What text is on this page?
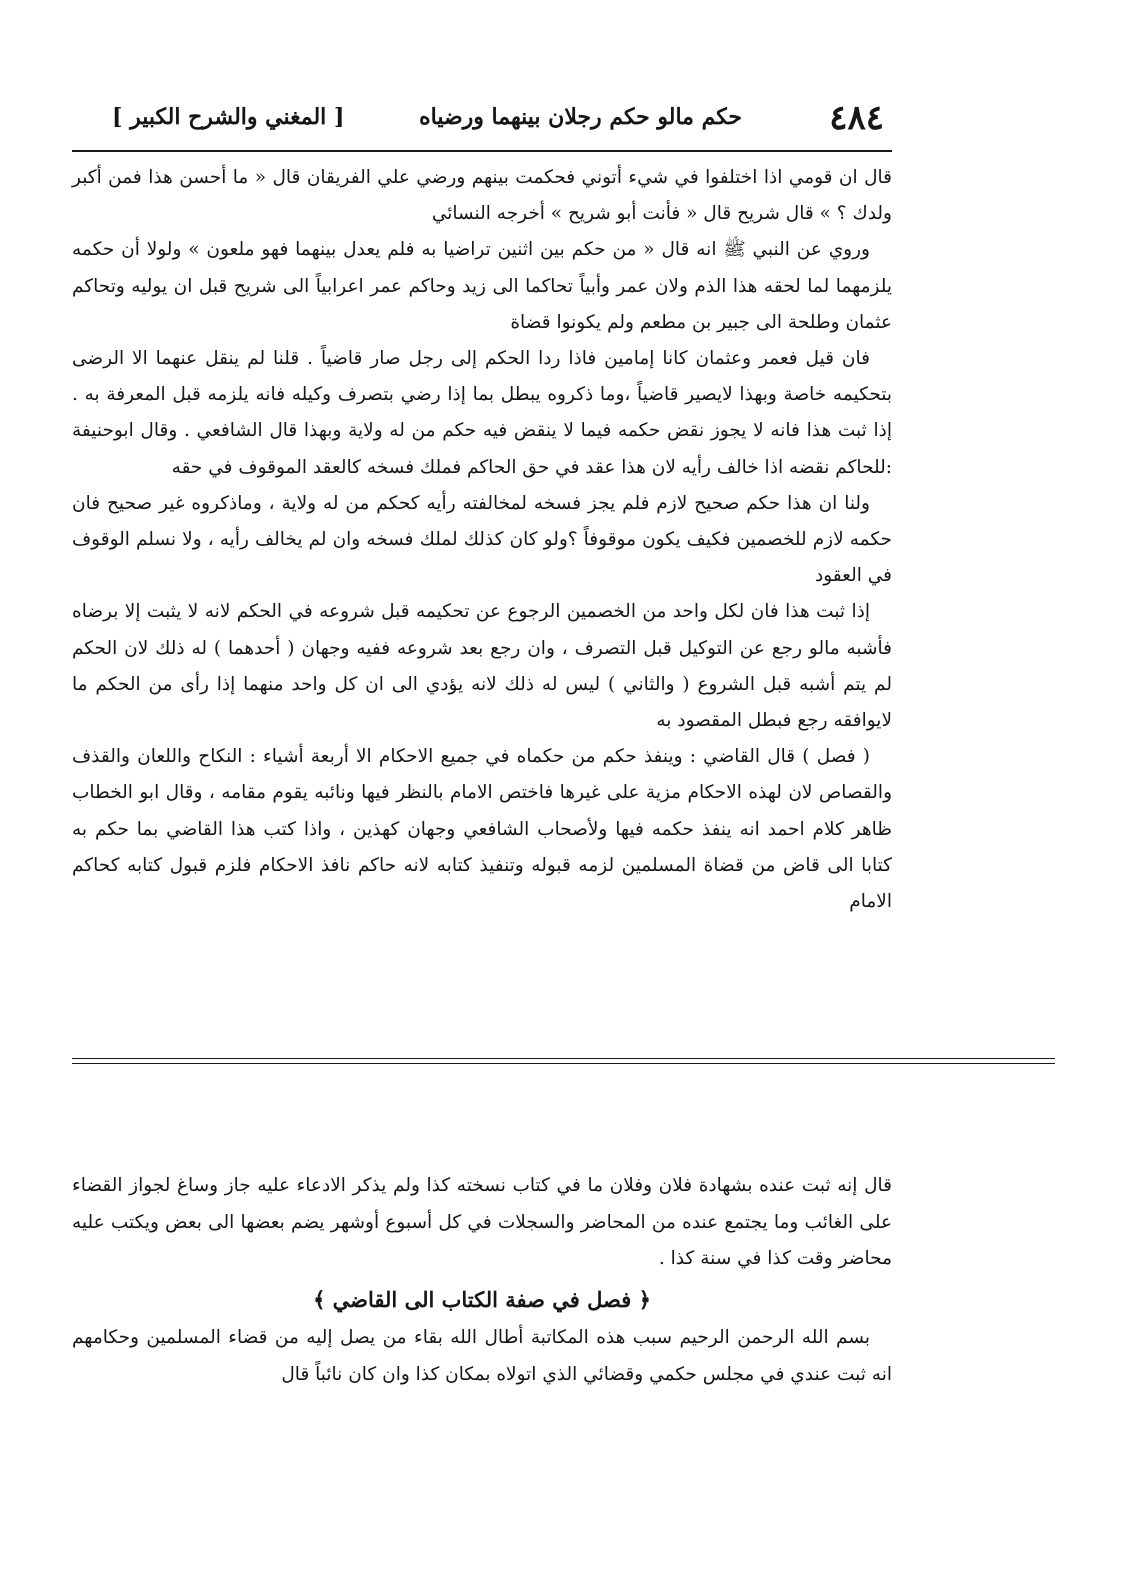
٤٨٤
حكم مالو حكم رجلان بينهما ورضياه
[ المغني والشرح الكبير ]

قال ان قومي اذا اختلفوا في شيء أتوني فحكمت بينهم ورضي علي الفريقان قال « ما أحسن هذا فمن أكبر ولدك ؟ » قال شريح قال « فأنت أبو شريح » أخرجه النسائي

وروي عن النبي ﷺ انه قال « من حكم بين اثنين تراضيا به فلم يعدل بينهما فهو ملعون » ولولا أن حكمه يلزمهما لما لحقه هذا الذم ولان عمر وأبياً تحاكما الى زيد وحاكم عمر اعرابياً الى شريح قبل ان يوليه وتحاكم عثمان وطلحة الى جبير بن مطعم ولم يكونوا قضاة

فان قيل فعمر وعثمان كانا إمامين فاذا ردا الحكم إلى رجل صار قاضياً . قلنا لم ينقل عنهما الا الرضى بتحكيمه خاصة وبهذا لايصير قاضياً ،وما ذكروه يبطل بما إذا رضي بتصرف وكيله فانه يلزمه قبل المعرفة به . إذا ثبت هذا فانه لا يجوز نقض حكمه فيما لا ينقض فيه حكم من له ولاية وبهذا قال الشافعي . وقال ابوحنيفة :للحاكم نقضه اذا خالف رأيه لان هذا عقد في حق الحاكم فملك فسخه كالعقد الموقوف في حقه

ولنا ان هذا حكم صحيح لازم فلم يجز فسخه لمخالفته رأيه كحكم من له ولاية ، وماذكروه غير صحيح فان حكمه لازم للخصمين فكيف يكون موقوفاً ؟ولو كان كذلك لملك فسخه وان لم يخالف رأيه ، ولا نسلم الوقوف في العقود

إذا ثبت هذا فان لكل واحد من الخصمين الرجوع عن تحكيمه قبل شروعه في الحكم لانه لا يثبت إلا برضاه فأشبه مالو رجع عن التوكيل قبل التصرف ، وان رجع بعد شروعه ففيه وجهان ( أحدهما ) له ذلك لان الحكم لم يتم أشبه قبل الشروع ( والثاني ) ليس له ذلك لانه يؤدي الى ان كل واحد منهما إذا رأى من الحكم ما لايوافقه رجع فبطل المقصود به

( فصل ) قال القاضي : وينفذ حكم من حكماه في جميع الاحكام الا أربعة أشياء : النكاح واللعان والقذف والقصاص لان لهذه الاحكام مزية على غيرها فاختص الامام بالنظر فيها ونائبه يقوم مقامه ، وقال ابو الخطاب ظاهر كلام احمد انه ينفذ حكمه فيها ولأصحاب الشافعي وجهان كهذين ، واذا كتب هذا القاضي بما حكم به كتابا الى قاض من قضاة المسلمين لزمه قبوله وتنفيذ كتابه لانه حاكم نافذ الاحكام فلزم قبول كتابه كحاكم الامام

قال إنه ثبت عنده بشهادة فلان وفلان ما في كتاب نسخته كذا ولم يذكر الادعاء عليه جاز وساغ لجواز القضاء على الغائب وما يجتمع عنده من المحاضر والسجلات في كل أسبوع أوشهر يضم بعضها الى بعض ويكتب عليه محاضر وقت كذا في سنة كذا .

﴿ فصل في صفة الكتاب الى القاضي ﴾

بسم الله الرحمن الرحيم سبب هذه المكاتبة أطال الله بقاء من يصل إليه من قضاء المسلمين وحكامهم انه ثبت عندي في مجلس حكمي وقضائي الذي اتولاه بمكان كذا وان كان نائباً قال
